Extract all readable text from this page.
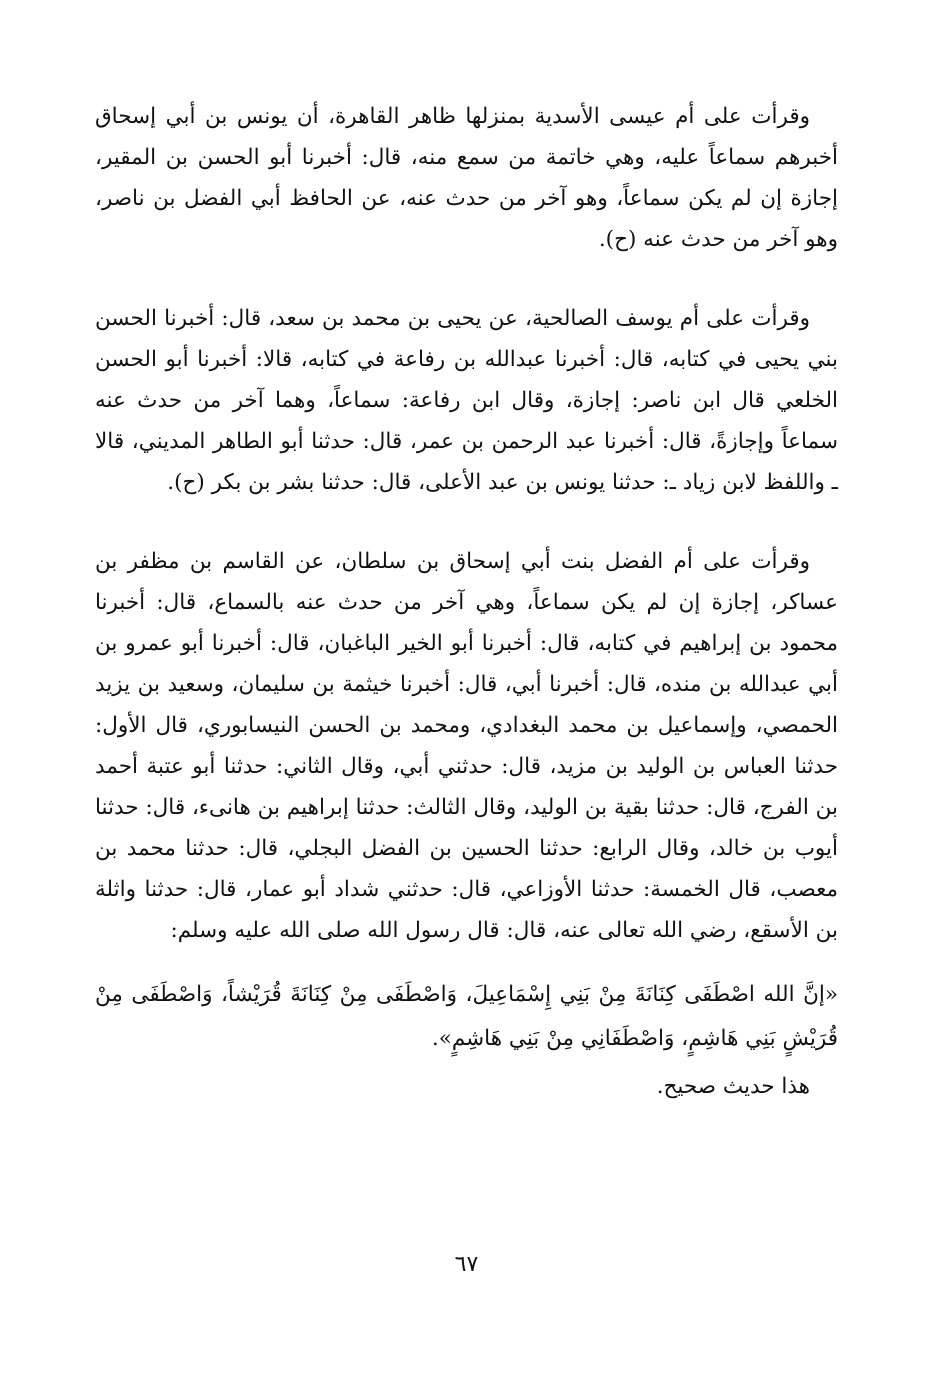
وقرأت على أم عيسى الأسدية بمنزلها ظاهر القاهرة، أن يونس بن أبي إسحاق أخبرهم سماعاً عليه، وهي خاتمة من سمع منه، قال: أخبرنا أبو الحسن بن المقير، إجازة إن لم يكن سماعاً، وهو آخر من حدث عنه، عن الحافظ أبي الفضل بن ناصر، وهو آخر من حدث عنه (ح).

وقرأت على أم يوسف الصالحية، عن يحيى بن محمد بن سعد، قال: أخبرنا الحسن بني يحيى في كتابه، قال: أخبرنا عبدالله بن رفاعة في كتابه، قالا: أخبرنا أبو الحسن الخلعي قال ابن ناصر: إجازة، وقال ابن رفاعة: سماعاً، وهما آخر من حدث عنه سماعاً وإجازةً، قال: أخبرنا عبد الرحمن بن عمر، قال: حدثنا أبو الطاهر المديني، قالا ـ واللفظ لابن زياد ـ: حدثنا يونس بن عبد الأعلى، قال: حدثنا بشر بن بكر (ح).

وقرأت على أم الفضل بنت أبي إسحاق بن سلطان، عن القاسم بن مظفر بن عساكر، إجازة إن لم يكن سماعاً، وهي آخر من حدث عنه بالسماع، قال: أخبرنا محمود بن إبراهيم في كتابه، قال: أخبرنا أبو الخير الباغبان، قال: أخبرنا أبو عمرو بن أبي عبدالله بن منده، قال: أخبرنا أبي، قال: أخبرنا خيثمة بن سليمان، وسعيد بن يزيد الحمصي، وإسماعيل بن محمد البغدادي، ومحمد بن الحسن النيسابوري، قال الأول: حدثنا العباس بن الوليد بن مزيد، قال: حدثني أبي، وقال الثاني: حدثنا أبو عتبة أحمد بن الفرج، قال: حدثنا بقية بن الوليد، وقال الثالث: حدثنا إبراهيم بن هانىء، قال: حدثنا أيوب بن خالد، وقال الرابع: حدثنا الحسين بن الفضل البجلي، قال: حدثنا محمد بن معصب، قال الخمسة: حدثنا الأوزاعي، قال: حدثني شداد أبو عمار، قال: حدثنا واثلة بن الأسقع، رضي الله تعالى عنه، قال: قال رسول الله صلى الله عليه وسلم:

«إنَّ الله اصْطَفَى كِنَانَةَ مِنْ بَنِي إِسْمَاعِيلَ، وَاصْطَفَى مِنْ كِنَانَةَ قُرَيْشاً، وَاصْطَفَى مِنْ قُرَيْشٍ بَنِي هَاشِمٍ، وَاصْطَفَانِي مِنْ بَنِي هَاشِمٍ».

هذا حديث صحيح.

٦٧
